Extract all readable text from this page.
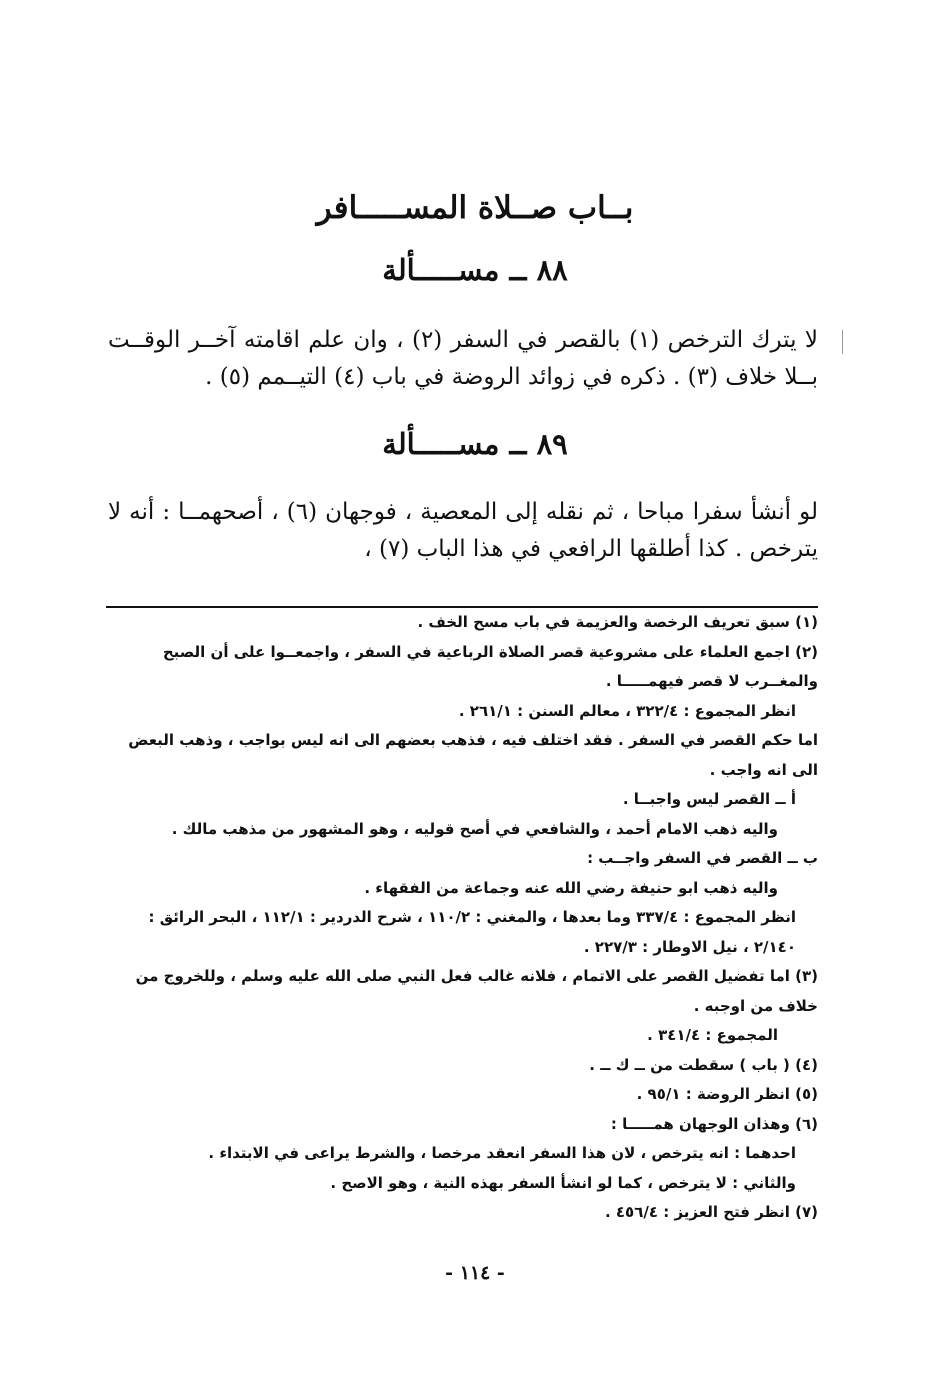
بــاب صــلاة المســـــافر
٨٨ ــ مســـــألة

لا يترك الترخص (١) بالقصر في السفر (٢) ، وان علم اقامته آخــر الوقــت بــلا خلاف (٣) . ذكره في زوائد الروضة في باب (٤) التيــمم (٥) .

٨٩ ــ مســـــألة

لو أنشأ سفرا مباحا ، ثم نقله إلى المعصية ، فوجهان (٦) ، أصحهمــا : أنه لا يترخص . كذا أطلقها الرافعي في هذا الباب (٧) ،

(١) سبق تعريف الرخصة والعزيمة في باب مسح الخف .

(٢) اجمع العلماء على مشروعية قصر الصلاة الرباعية في السفر ، واجمعــوا على أن الصبح والمغــرب لا قصر فيهمـــــا .

انظر المجموع : ٣٢٢/٤ ، معالم السنن : ٢٦١/١ .

اما حكم القصر في السفر . فقد اختلف فيه ، فذهب بعضهم الى انه ليس بواجب ، وذهب البعض الى انه واجب .

أ ــ القصر ليس واجبــا .

واليه ذهب الامام أحمد ، والشافعي في أصح قوليه ، وهو المشهور من مذهب مالك .

ب ــ القصر في السفر واجــب :

واليه ذهب ابو حنيفة رضي الله عنه وجماعة من الفقهاء .

انظر المجموع : ٣٣٧/٤ وما بعدها ، والمغني : ١١٠/٢ ، شرح الدردير : ١١٢/١ ، البحر الرائق : ٢/١٤٠ ، نيل الاوطار : ٢٢٧/٣ .

(٣) اما تفضيل القصر على الاتمام ، فلانه غالب فعل النبي صلى الله عليه وسلم ، وللخروج من خلاف من اوجبه .

المجموع : ٣٤١/٤ .

(٤) ( باب ) سقطت من ــ ك ــ .

(٥) انظر الروضة : ٩٥/١ .

(٦) وهذان الوجهان همـــــا :

احدهما : انه يترخص ، لان هذا السفر انعقد مرخصا ، والشرط يراعى في الابتداء .

والثاني : لا يترخص ، كما لو انشأ السفر بهذه النية ، وهو الاصح .

(٧) انظر فتح العزيز : ٤٥٦/٤ .

- ١١٤ -
